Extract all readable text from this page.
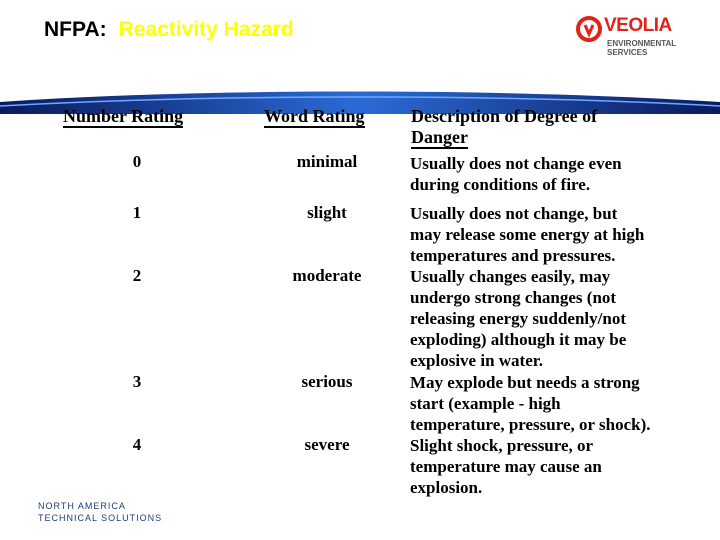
NFPA: Reactivity Hazard	VEOLIA
ENVIRONMENTAL
SERVICES
Number Rating	Word Rating	Description of Degree of
Danger
0	minimal	Usually does not change even
during conditions of fire.
1	slight	Usually does not change, but
may release some energy at high
temperatures and pressures.
2	moderate	Usually changes easily, may
undergo strong changes (not
releasing energy suddenly/not
exploding) although it may be
explosive in water.
3	serious	May explode but needs a strong
start (example - high
temperature, pressure, or shock).
4	severe	Slight shock, pressure, or
temperature may cause an
explosion.
NORTH AMERICA
TECHNICAL SOLUTIONS	www.VeoliaES.com
